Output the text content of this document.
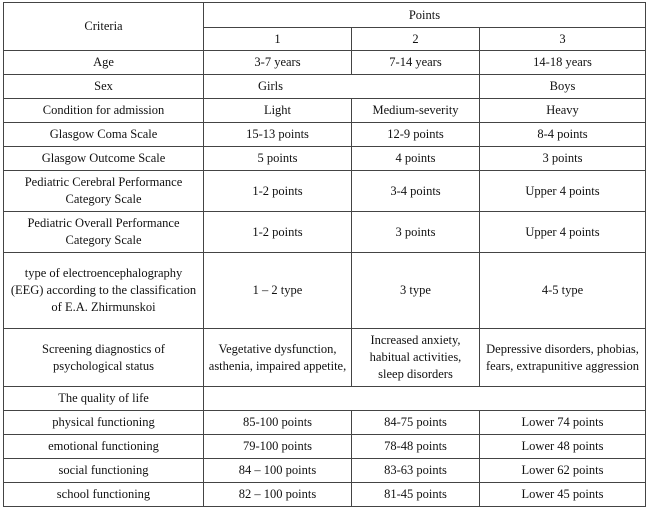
Criteria	Points		
	1	2	3
Age	3-7 years	7-14 years	14-18 years
Sex	Girls		Boys
Condition for admission	Light	Medium-severity	Heavy
Glasgow Coma Scale	15-13 points	12-9 points	8-4 points
Glasgow Outcome Scale	5 points	4 points	3 points
Pediatric Cerebral Performance Category Scale	1-2 points	3-4 points	Upper 4 points
Pediatric Overall Performance Category Scale	1-2 points	3 points	Upper 4 points
type of electroencephalography (EEG) according to the classification of E.A. Zhirmunskoi	1 – 2 type	3 type	4-5 type
Screening diagnostics of psychological status	Vegetative dysfunction, asthenia, impaired appetite,	Increased anxiety, habitual activities, sleep disorders	Depressive disorders, phobias, fears, extrapunitive aggression
The quality of life			
physical functioning	85-100 points	84-75 points	Lower 74 points
emotional functioning	79-100 points	78-48 points	Lower 48 points
social functioning	84 – 100 points	83-63 points	Lower 62 points
school functioning	82 – 100 points	81-45 points	Lower 45 points
